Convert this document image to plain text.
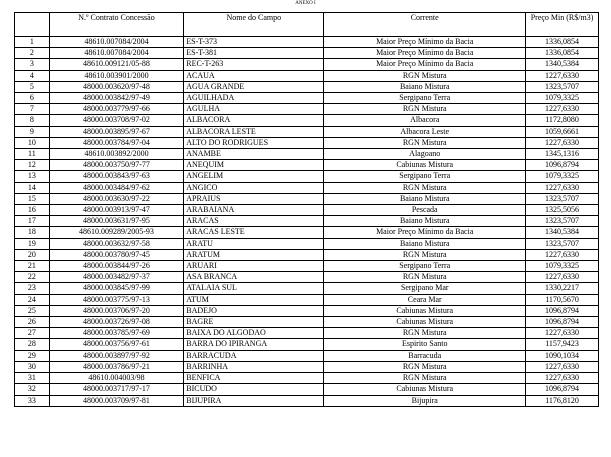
ANEXO I
	N.º Contrato Concessão	Nome do Campo	Corrente	Preço Min (R$/m3)
1	48610.007084/2004	ES-T-373	Maior Preço Mínimo da Bacia	1336,0854
2	48610.007084/2004	ES-T-381	Maior Preço Mínimo da Bacia	1336,0854
3	48610.009121/05-88	REC-T-263	Maior Preço Mínimo da Bacia	1340,5384
4	48610.003901/2000	ACAUA	RGN Mistura	1227,6330
5	48000.003620/97-48	AGUA GRANDE	Baiano Mistura	1323,5707
6	48000.003842/97-49	AGUILHADA	Sergipano Terra	1079,3325
7	48000.003779/97-66	AGULHA	RGN Mistura	1227,6330
8	48000.003708/97-02	ALBACORA	Albacora	1172,8080
9	48000.003895/97-67	ALBACORA LESTE	Albacora Leste	1059,6661
10	48000.003784/97-04	ALTO DO RODRIGUES	RGN Mistura	1227,6330
11	48610.003892/2000	ANAMBE	Alagoano	1345,1316
12	48000.003750/97-77	ANEQUIM	Cabiunas Mistura	1096,8794
13	48000.003843/97-63	ANGELIM	Sergipano Terra	1079,3325
14	48000.003484/97-62	ANGICO	RGN Mistura	1227,6330
15	48000.003630/97-22	APRAIUS	Baiano Mistura	1323,5707
16	48000.003913/97-47	ARABAIANA	Pescada	1325,5056
17	48000.003631/97-95	ARACAS	Baiano Mistura	1323,5707
18	48610.009289/2005-93	ARACAS LESTE	Maior Preço Mínimo da Bacia	1340,5384
19	48000.003632/97-58	ARATU	Baiano Mistura	1323,5707
20	48000.003780/97-45	ARATUM	RGN Mistura	1227,6330
21	48000.003844/97-26	ARUARI	Sergipano Terra	1079,3325
22	48000.003482/97-37	ASA BRANCA	RGN Mistura	1227,6330
23	48000.003845/97-99	ATALAIA SUL	Sergipano Mar	1330,2217
24	48000.003775/97-13	ATUM	Ceara Mar	1170,5670
25	48000.003706/97-20	BADEJO	Cabiunas Mistura	1096,8794
26	48000.003726/97-08	BAGRE	Cabiunas Mistura	1096,8794
27	48000.003785/97-69	BAIXA DO ALGODAO	RGN Mistura	1227,6330
28	48000.003756/97-61	BARRA DO IPIRANGA	Espirito Santo	1157,9423
29	48000.003897/97-92	BARRACUDA	Barracuda	1090,1034
30	48000.003786/97-21	BARRINHA	RGN Mistura	1227,6330
31	48610.004003/98	BENFICA	RGN Mistura	1227,6330
32	48000.003717/97-17	BICUDO	Cabiunas Mistura	1096,8794
33	48000.003709/97-81	BIJUPIRA	Bijupira	1176,8120
